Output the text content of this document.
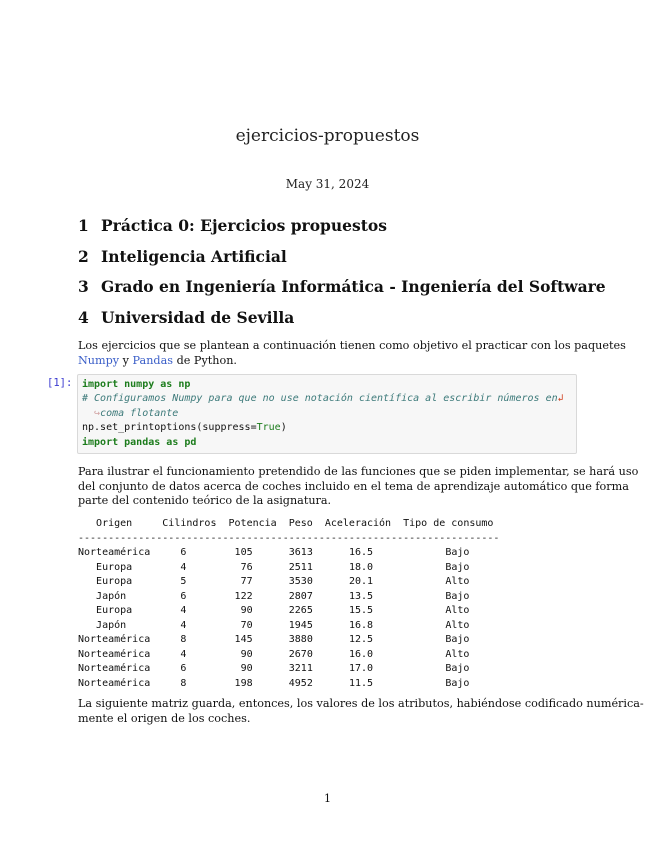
ejercicios-propuestos
May 31, 2024
1 Práctica 0: Ejercicios propuestos
2 Inteligencia Artificial
3 Grado en Ingeniería Informática - Ingeniería del Software
4 Universidad de Sevilla
Los ejercicios que se plantean a continuación tienen como objetivo el practicar con los paquetes
Numpy y Pandas de Python.
[1]: import numpy as np
# Configuramos Numpy para que no use notación científica al escribir números en↲
↪coma flotante
np.set_printoptions(suppress=True)
import pandas as pd
Para ilustrar el funcionamiento pretendido de las funciones que se piden implementar, se hará uso
del conjunto de datos acerca de coches incluido en el tema de aprendizaje automático que forma
parte del contenido teórico de la asignatura.
Origen     Cilindros  Potencia  Peso  Aceleración  Tipo de consumo
----------------------------------------------------------------------
Norteamérica     6        105      3613      16.5            Bajo
Europa        4         76      2511      18.0            Bajo
Europa        5         77      3530      20.1            Alto
Japón         6        122      2807      13.5            Bajo
Europa        4         90      2265      15.5            Alto
Japón         4         70      1945      16.8            Alto
Norteamérica     8        145      3880      12.5            Bajo
Norteamérica     4         90      2670      16.0            Alto
Norteamérica     6         90      3211      17.0            Bajo
Norteamérica     8        198      4952      11.5            Bajo
La siguiente matriz guarda, entonces, los valores de los atributos, habiéndose codificado numérica-
mente el origen de los coches.
1
